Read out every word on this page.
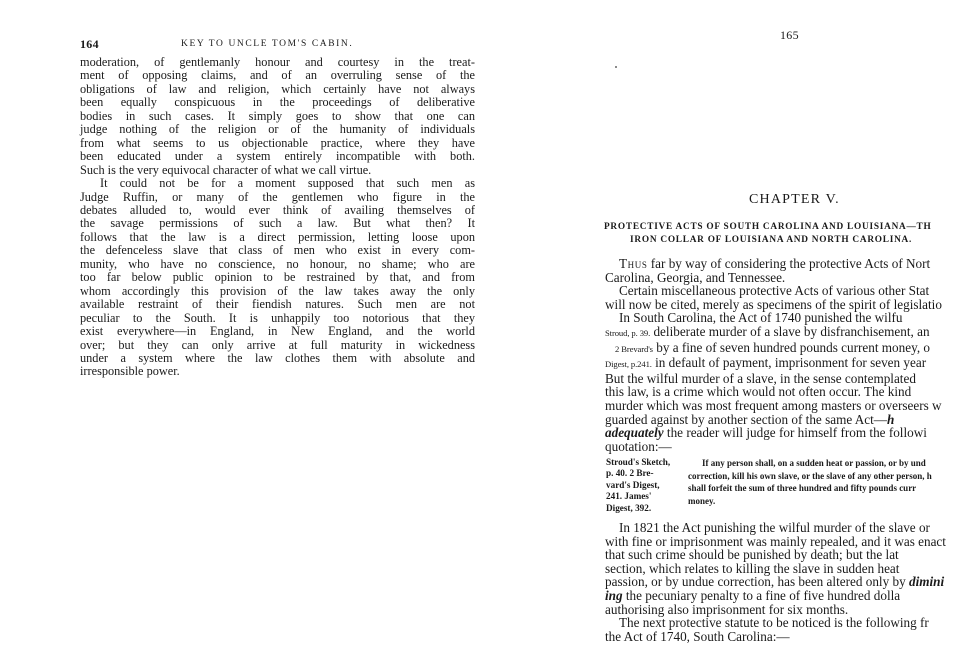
164	KEY TO UNCLE TOM'S CABIN.

moderation, of gentlemanly honour and courtesy in the treat-

ment of opposing claims, and of an overruling sense of the

obligations of law and religion, which certainly have not always

been equally conspicuous in the proceedings of deliberative

bodies in such cases. It simply goes to show that one can

judge nothing of the religion or of the humanity of individuals

from what seems to us objectionable practice, where they have

been educated under a system entirely incompatible with both.

Such is the very equivocal character of what we call virtue.

It could not be for a moment supposed that such men as

Judge Ruffin, or many of the gentlemen who figure in the

debates alluded to, would ever think of availing themselves of

the savage permissions of such a law. But what then? It

follows that the law is a direct permission, letting loose upon

the defenceless slave that class of men who exist in every com-

munity, who have no conscience, no honour, no shame; who are

too far below public opinion to be restrained by that, and from

whom accordingly this provision of the law takes away the only

available restraint of their fiendish natures. Such men are not

peculiar to the South. It is unhappily too notorious that they

exist everywhere—in England, in New England, and the world

over; but they can only arrive at full maturity in wickedness

under a system where the law clothes them with absolute and

irresponsible power.

165
CHAPTER V.
PROTECTIVE ACTS OF SOUTH CAROLINA AND LOUISIANA—TH
IRON COLLAR OF LOUISIANA AND NORTH CAROLINA.

Thus far by way of considering the protective Acts of Nort

Carolina, Georgia, and Tennessee.

Certain miscellaneous protective Acts of various other Stat

will now be cited, merely as specimens of the spirit of legislatio

In South Carolina, the Act of 1740 punished the wilfu

Stroud, p. 39. deliberate murder of a slave by disfranchisement, an

2 Brevard's by a fine of seven hundred pounds current money, o

Digest, p.241. in default of payment, imprisonment for seven year

But the wilful murder of a slave, in the sense contemplated

this law, is a crime which would not often occur. The kind

murder which was most frequent among masters or overseers w

guarded against by another section of the same Act—h

adequately the reader will judge for himself from the followi

quotation:—

Stroud's Sketch,
p. 40. 2 Bre-
vard's Digest,
241. James'
Digest, 392.
If any person shall, on a sudden heat or passion, or by und
correction, kill his own slave, or the slave of any other person, h
shall forfeit the sum of three hundred and fifty pounds curr
money.

In 1821 the Act punishing the wilful murder of the slave or

with fine or imprisonment was mainly repealed, and it was enact

that such crime should be punished by death; but the lat

section, which relates to killing the slave in sudden heat

passion, or by undue correction, has been altered only by dimini

ing the pecuniary penalty to a fine of five hundred dolla

authorising also imprisonment for six months.

The next protective statute to be noticed is the following fr

the Act of 1740, South Carolina:—
